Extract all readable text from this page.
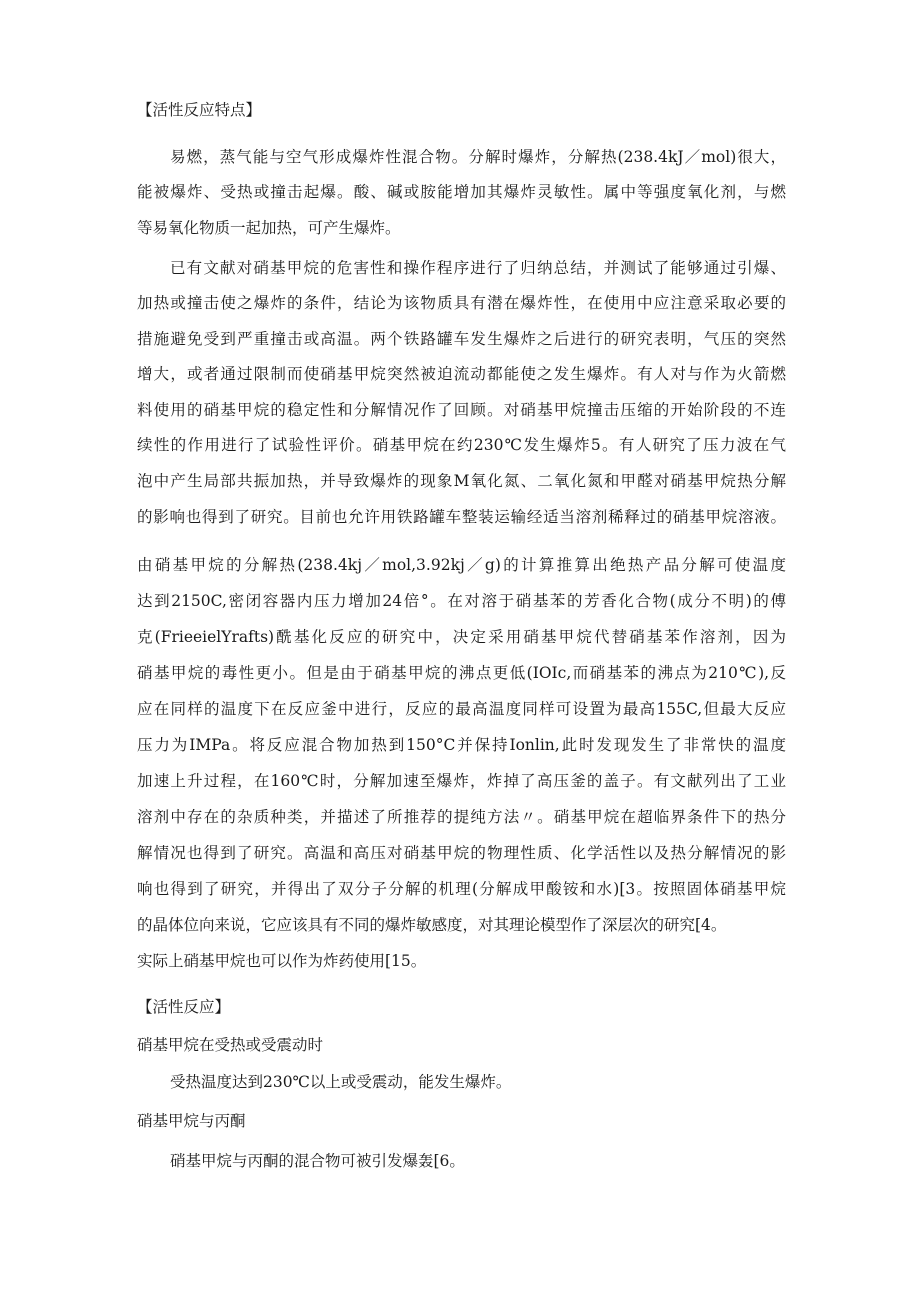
【活性反应特点】
易燃，蒸气能与空气形成爆炸性混合物。分解时爆炸，分解热(238.4kJ／mol)很大，
能被爆炸、受热或撞击起爆。酸、碱或胺能增加其爆炸灵敏性。属中等强度氧化剂，与燃
等易氧化物质一起加热，可产生爆炸。
已有文献对硝基甲烷的危害性和操作程序进行了归纳总结，并测试了能够通过引爆、
加热或撞击使之爆炸的条件，结论为该物质具有潜在爆炸性，在使用中应注意采取必要的
措施避免受到严重撞击或高温。两个铁路罐车发生爆炸之后进行的研究表明，气压的突然
增大，或者通过限制而使硝基甲烷突然被迫流动都能使之发生爆炸。有人对与作为火箭燃
料使用的硝基甲烷的稳定性和分解情况作了回顾。对硝基甲烷撞击压缩的开始阶段的不连
续性的作用进行了试验性评价。硝基甲烷在约230℃发生爆炸5。有人研究了压力波在气
泡中产生局部共振加热，并导致爆炸的现象M氧化氮、二氧化氮和甲醛对硝基甲烷热分解
的影响也得到了研究。目前也允许用铁路罐车整装运输经适当溶剂稀释过的硝基甲烷溶液。
由硝基甲烷的分解热(238.4kj／mol,3.92kj／g)的计算推算出绝热产品分解可使温度
达到2150C,密闭容器内压力增加24倍°。在对溶于硝基苯的芳香化合物(成分不明)的傅
克(FrieeielYrafts)酰基化反应的研究中，决定采用硝基甲烷代替硝基苯作溶剂，因为
硝基甲烷的毒性更小。但是由于硝基甲烷的沸点更低(IOIc,而硝基苯的沸点为210℃),反
应在同样的温度下在反应釜中进行，反应的最高温度同样可设置为最高155C,但最大反应
压力为IMPa。将反应混合物加热到150°C并保持Ionlin,此时发现发生了非常快的温度
加速上升过程，在160℃时，分解加速至爆炸，炸掉了高压釜的盖子。有文献列出了工业
溶剂中存在的杂质种类，并描述了所推荐的提纯方法〃。硝基甲烷在超临界条件下的热分
解情况也得到了研究。高温和高压对硝基甲烷的物理性质、化学活性以及热分解情况的影
响也得到了研究，并得出了双分子分解的机理(分解成甲酸铵和水)[3。按照固体硝基甲烷
的晶体位向来说，它应该具有不同的爆炸敏感度，对其理论模型作了深层次的研究[4。
实际上硝基甲烷也可以作为炸药使用[15。
【活性反应】
硝基甲烷在受热或受震动时
受热温度达到230℃以上或受震动，能发生爆炸。
硝基甲烷与丙酮
硝基甲烷与丙酮的混合物可被引发爆轰[6。
